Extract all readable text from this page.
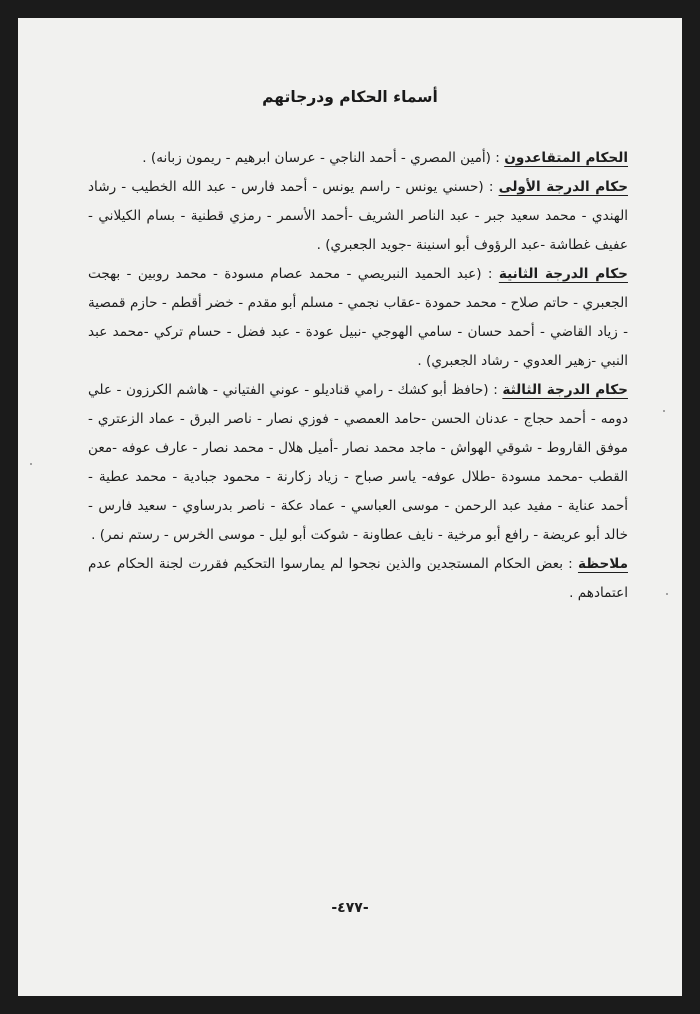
أسماء الحكام ودرجاتهم

الحكام المتقاعدون : (أمين المصري - أحمد الناجي - عرسان ابرهيم - ريمون زبانه) .

حكام الدرجة الأولى : (حسني يونس - راسم يونس - أحمد فارس - عبد الله الخطيب - رشاد الهندي - محمد سعيد جبر - عبد الناصر الشريف -أحمد الأسمر - رمزي قطنية - بسام الكيلاني - عفيف غطاشة -عبد الرؤوف أبو اسنينة -جويد الجعبري) .

حكام الدرجة الثانية : (عبد الحميد النبريصي - محمد عصام مسودة - محمد روبين - بهجت الجعبري - حاتم صلاح - محمد حمودة -عقاب نجمي - مسلم أبو مقدم - خضر أقطم - حازم قمصية - زياد القاضي - أحمد حسان - سامي الهوجي -نبيل عودة - عبد فضل - حسام تركي -محمد عبد النبي -زهير العدوي - رشاد الجعبري) .

حكام الدرجة الثالثة : (حافظ أبو كشك - رامي قناديلو - عوني الفتياني - هاشم الكرزون - علي دومه - أحمد حجاج - عدنان الحسن -حامد العمصي - فوزي نصار - ناصر البرق - عماد الزعتري - موفق القاروط - شوقي الهواش - ماجد محمد نصار -أميل هلال - محمد نصار - عارف عوفه -معن القطب -محمد مسودة -طلال عوفه- ياسر صباح - زياد زكارنة - محمود جبادية - محمد عطية - أحمد عناية - مفيد عبد الرحمن - موسى العباسي - عماد عكة - ناصر بدرساوي - سعيد فارس - خالد أبو عريضة - رافع أبو مرخية - نايف عطاونة - شوكت أبو ليل - موسى الخرس - رستم نمر) .

ملاحظة : بعض الحكام المستجدين والذين نجحوا لم يمارسوا التحكيم فقررت لجنة الحكام عدم اعتمادهم .

-٤٧٧-
